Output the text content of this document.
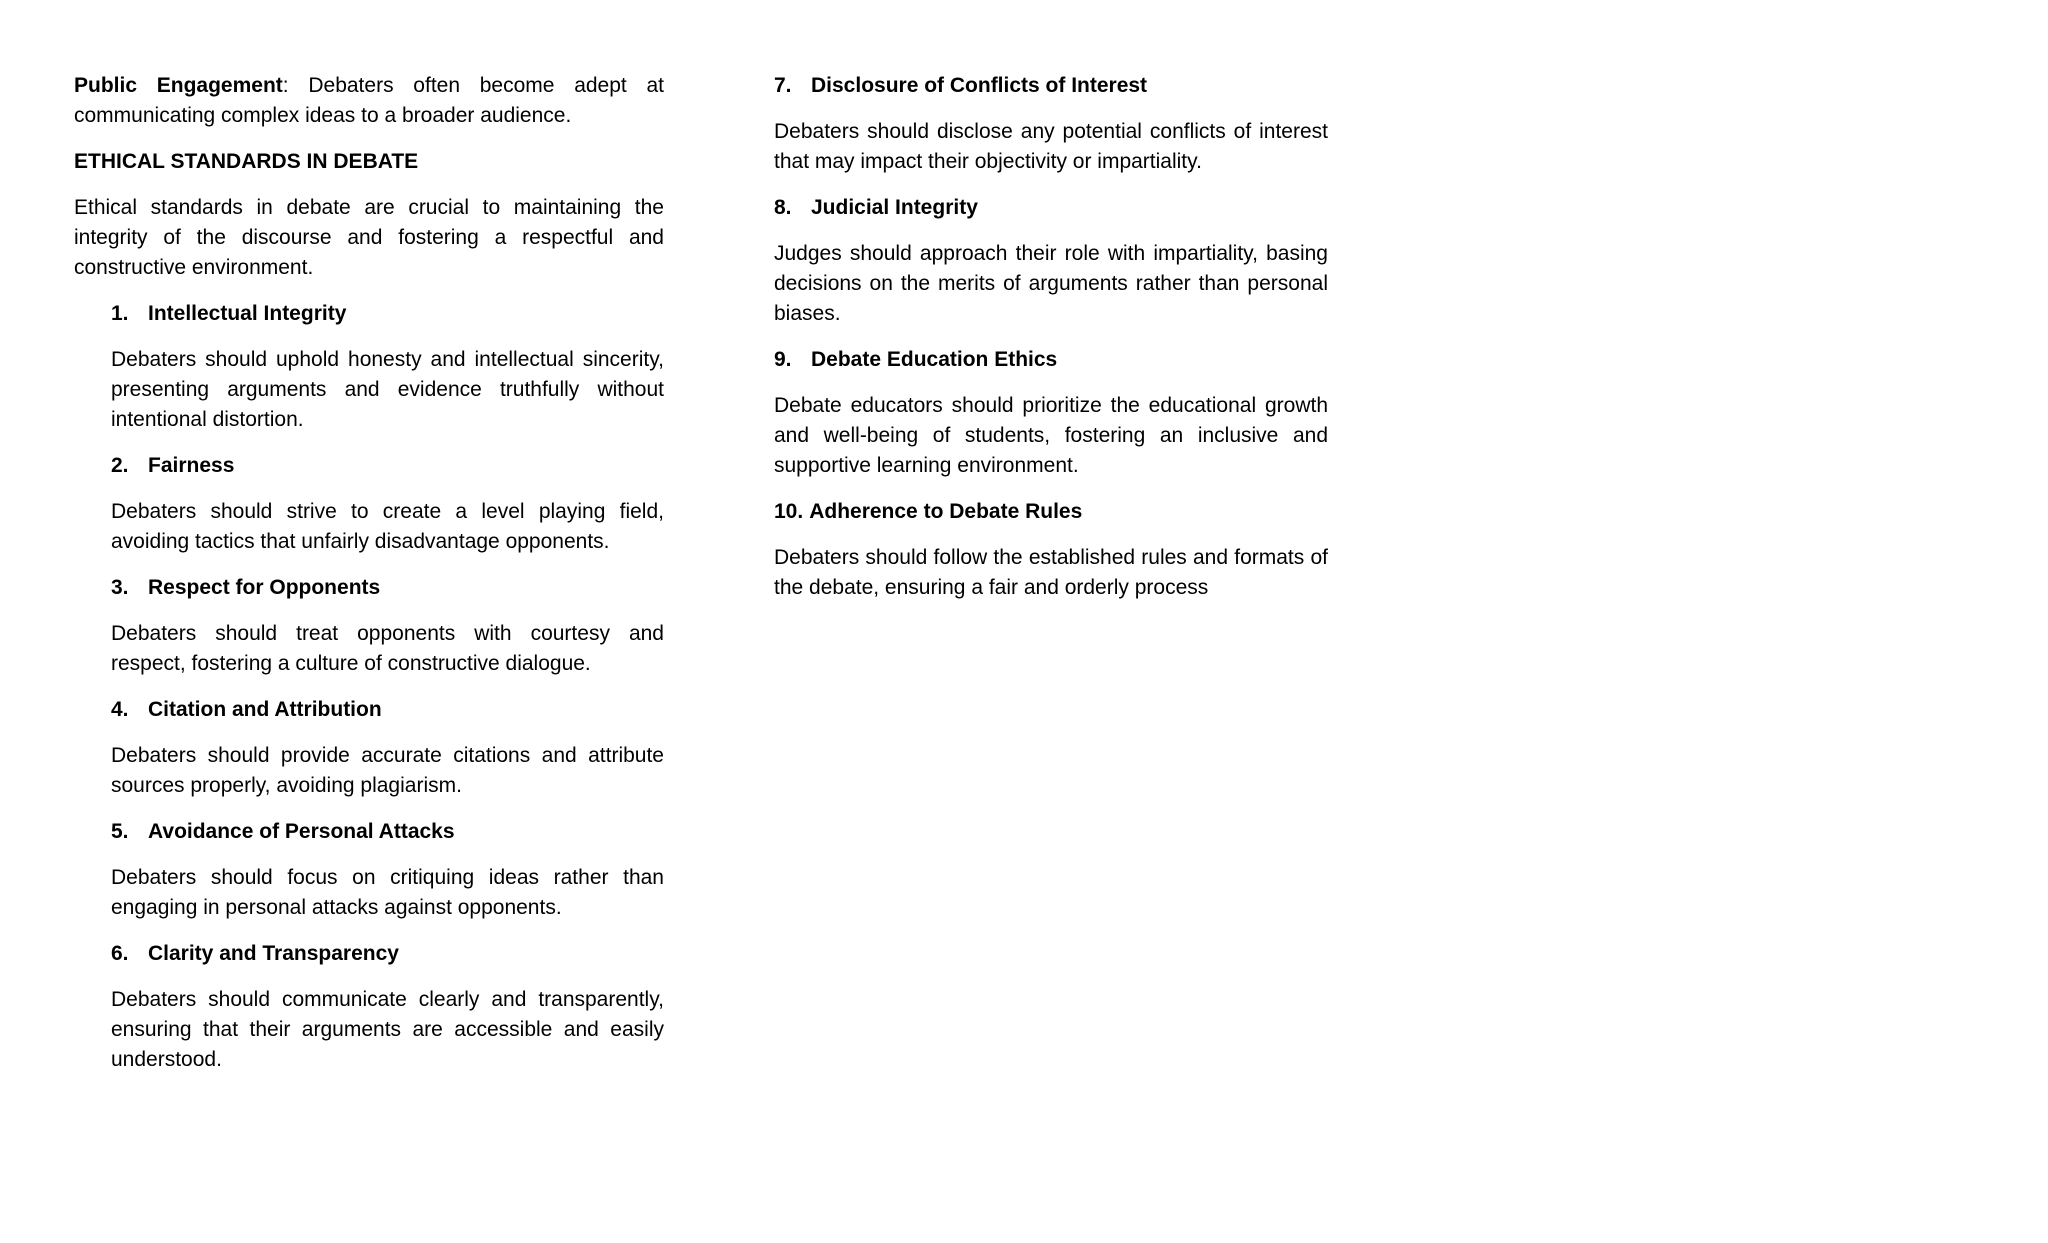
Public Engagement: Debaters often become adept at communicating complex ideas to a broader audience.

ETHICAL STANDARDS IN DEBATE

Ethical standards in debate are crucial to maintaining the integrity of the discourse and fostering a respectful and constructive environment.

1. Intellectual Integrity

Debaters should uphold honesty and intellectual sincerity, presenting arguments and evidence truthfully without intentional distortion.

2. Fairness

Debaters should strive to create a level playing field, avoiding tactics that unfairly disadvantage opponents.

3. Respect for Opponents

Debaters should treat opponents with courtesy and respect, fostering a culture of constructive dialogue.

4. Citation and Attribution

Debaters should provide accurate citations and attribute sources properly, avoiding plagiarism.

5. Avoidance of Personal Attacks

Debaters should focus on critiquing ideas rather than engaging in personal attacks against opponents.

6. Clarity and Transparency

Debaters should communicate clearly and transparently, ensuring that their arguments are accessible and easily understood.

7. Disclosure of Conflicts of Interest

Debaters should disclose any potential conflicts of interest that may impact their objectivity or impartiality.

8. Judicial Integrity

Judges should approach their role with impartiality, basing decisions on the merits of arguments rather than personal biases.

9. Debate Education Ethics

Debate educators should prioritize the educational growth and well-being of students, fostering an inclusive and supportive learning environment.

10. Adherence to Debate Rules

Debaters should follow the established rules and formats of the debate, ensuring a fair and orderly process
